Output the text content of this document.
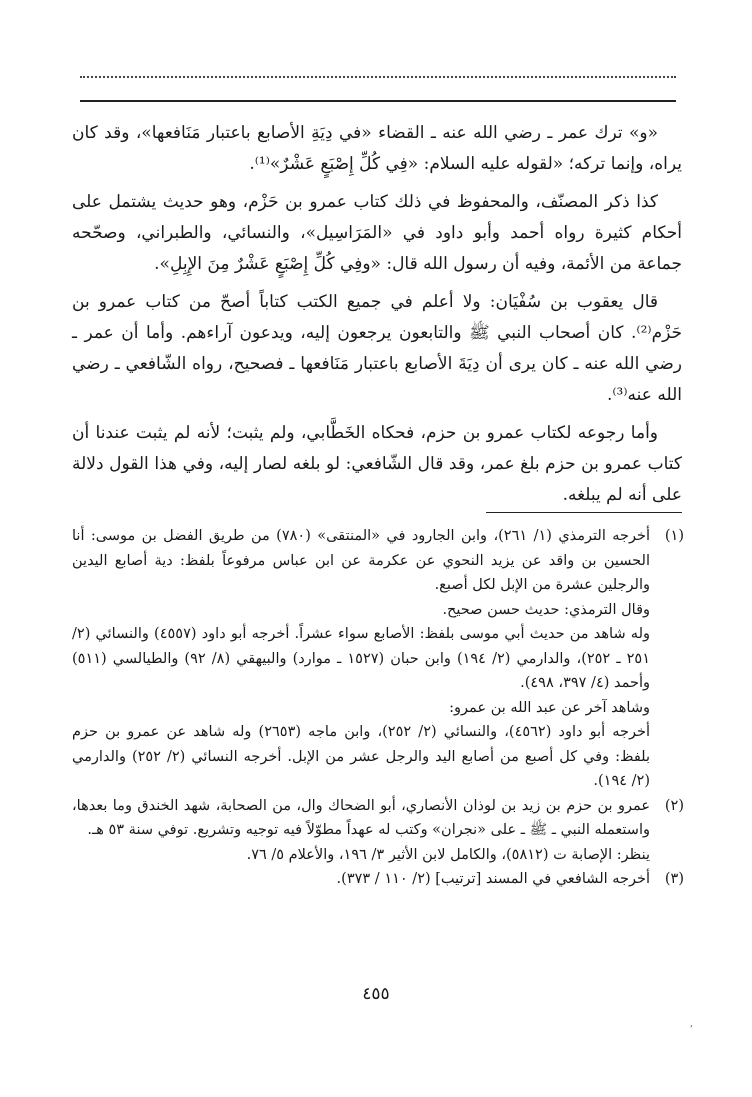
«و» ترك عمر ـ رضي الله عنه ـ القضاء «في دِيَةِ الأصابع باعتبار مَنَافعها»، وقد كان يراه، وإنما تركه؛ «لقوله عليه السلام: «فِي كُلِّ إِصْبَعٍ عَشْرٌ»⁽¹⁾.

كذا ذكر المصنّف، والمحفوظ في ذلك كتاب عمرو بن حَزْم، وهو حديث يشتمل على أحكام كثيرة رواه أحمد وأبو داود في «المَرَاسِيل»، والنسائي، والطبراني، وصحّحه جماعة من الأئمة، وفيه أن رسول الله قال: «وفِي كُلِّ إِصْبَعٍ عَشْرٌ مِنَ الإِبِلِ».

قال يعقوب بن سُفْيَان: ولا أعلم في جميع الكتب كتاباً أصحّ من كتاب عمرو بن حَزْم⁽²⁾. كان أصحاب النبي ﷺ والتابعون يرجعون إليه، ويدعون آراءهم. وأما أن عمر ـ رضي الله عنه ـ كان يرى أن دِيَةَ الأصابع باعتبار مَنَافعها ـ فصحيح، رواه الشّافعي ـ رضي الله عنه⁽³⁾.

وأما رجوعه لكتاب عمرو بن حزم، فحكاه الخَطَّابي، ولم يثبت؛ لأنه لم يثبت عندنا أن كتاب عمرو بن حزم بلغ عمر، وقد قال الشّافعي: لو بلغه لصار إليه، وفي هذا القول دلالة على أنه لم يبلغه.

(١)
أخرجه الترمذي (١/ ٢٦١)، وابن الجارود في «المنتقى» (٧٨٠) من طريق الفضل بن موسى: أنا الحسين بن واقد عن يزيد النحوي عن عكرمة عن ابن عباس مرفوعاً بلفظ: دية أصابع اليدين والرجلين عشرة من الإبل لكل أصبع.
وقال الترمذي: حديث حسن صحيح.
وله شاهد من حديث أبي موسى بلفظ: الأصابع سواء عشراً. أخرجه أبو داود (٤٥٥٧) والنسائي (٢/ ٢٥١ ـ ٢٥٢)، والدارمي (٢/ ١٩٤) وابن حبان (١٥٢٧ ـ موارد) والبيهقي (٨/ ٩٢) والطيالسي (٥١١) وأحمد (٤/ ٣٩٧، ٤٩٨).
وشاهد آخر عن عبد الله بن عمرو:
أخرجه أبو داود (٤٥٦٢)، والنسائي (٢/ ٢٥٢)، وابن ماجه (٢٦٥٣) وله شاهد عن عمرو بن حزم بلفظ: وفي كل أصبع من أصابع اليد والرجل عشر من الإبل. أخرجه النسائي (٢/ ٢٥٢) والدارمي (٢/ ١٩٤).
(٢)
عمرو بن حزم بن زيد بن لوذان الأنصاري، أبو الضحاك وال، من الصحابة، شهد الخندق وما بعدها، واستعمله النبي ـ ﷺ ـ على «نجران» وكتب له عهداً مطوّلاً فيه توجيه وتشريع. توفي سنة ٥٣ هـ.
ينظر: الإصابة ت (٥٨١٢)، والكامل لابن الأثير ٣/ ١٩٦، والأعلام ٥/ ٧٦.
(٣)
أخرجه الشافعي في المسند [ترتيب] (٢/ ١١٠ / ٣٧٣).
٤٥٥
,
